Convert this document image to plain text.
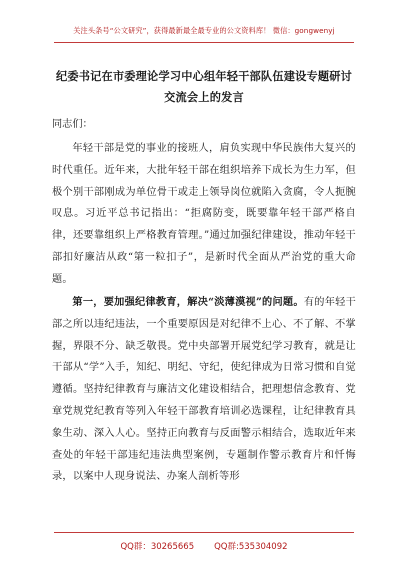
关注头条号“公文研究”，获得最新最全最专业的公文资料库！ 微信：gongwenyj
纪委书记在市委理论学习中心组年轻干部队伍建设专题研讨交流会上的发言
同志们：
年轻干部是党的事业的接班人，肩负实现中华民族伟大复兴的时代重任。近年来，大批年轻干部在组织培养下成长为生力军，但极个别干部刚成为单位骨干或走上领导岗位就陷入贪腐，令人扼腕叹息。习近平总书记指出：“拒腐防变，既要靠年轻干部严格自律，还要靠组织上严格教育管理。”通过加强纪律建设，推动年轻干部扣好廉洁从政“第一粒扣子”，是新时代全面从严治党的重大命题。
第一，要加强纪律教育，解决“淡薄漠视”的问题。有的年轻干部之所以违纪违法，一个重要原因是对纪律不上心、不了解、不掌握，界限不分、缺乏敬畏。党中央部署开展党纪学习教育，就是让干部从“学”入手，知纪、明纪、守纪，使纪律成为日常习惯和自觉遵循。坚持纪律教育与廉洁文化建设相结合，把理想信念教育、党章党规党纪教育等列入年轻干部教育培训必选课程，让纪律教育具象生动、深入人心。坚持正向教育与反面警示相结合，选取近年来查处的年轻干部违纪违法典型案例，专题制作警示教育片和忏悔录，以案中人现身说法、办案人剖析等形
QQ群：30265665 QQ群:535304092
